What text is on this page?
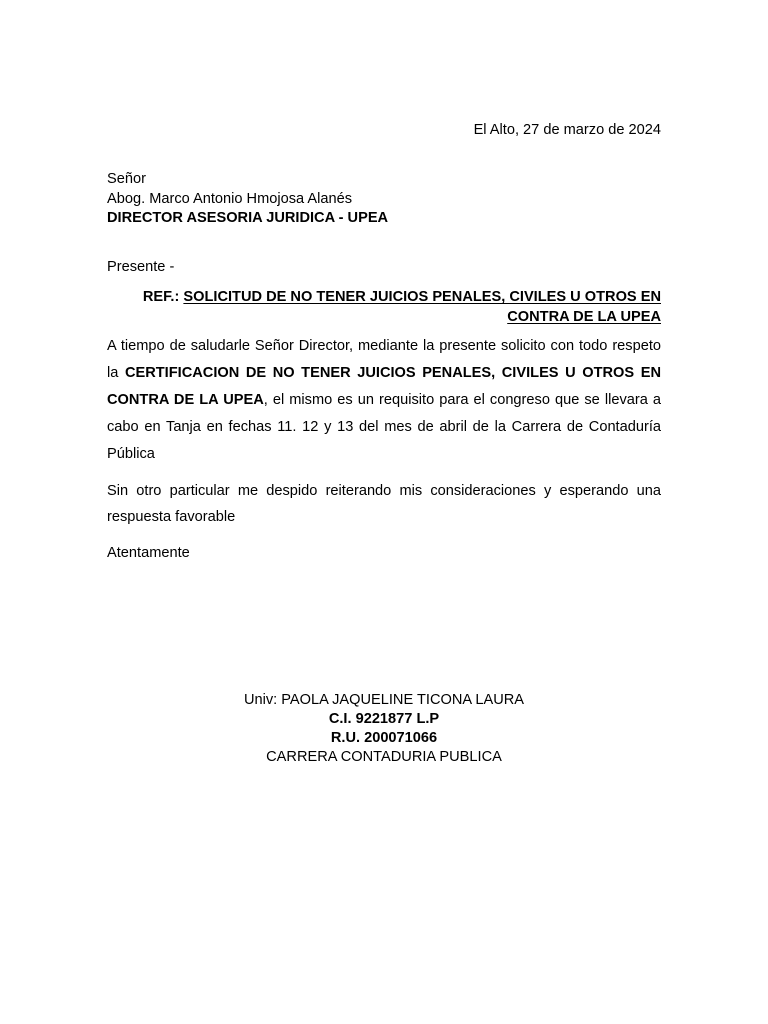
El Alto, 27 de marzo de 2024
Señor
Abog. Marco Antonio Hmojosa Alanés
DIRECTOR ASESORIA JURIDICA - UPEA
Presente -
REF.: SOLICITUD DE NO TENER JUICIOS PENALES, CIVILES U OTROS EN
CONTRA DE LA UPEA

A tiempo de saludarle Señor Director, mediante la presente solicito con todo respeto la CERTIFICACION DE NO TENER JUICIOS PENALES, CIVILES U OTROS EN CONTRA DE LA UPEA, el mismo es un requisito para el congreso que se llevara a cabo en Tanja en fechas 11. 12 y 13 del mes de abril de la Carrera de Contaduría Pública

Sin otro particular me despido reiterando mis consideraciones y esperando una respuesta favorable

Atentamente
Univ: PAOLA JAQUELINE TICONA LAURA
C.I. 9221877 L.P
R.U. 200071066
CARRERA CONTADURIA PUBLICA
